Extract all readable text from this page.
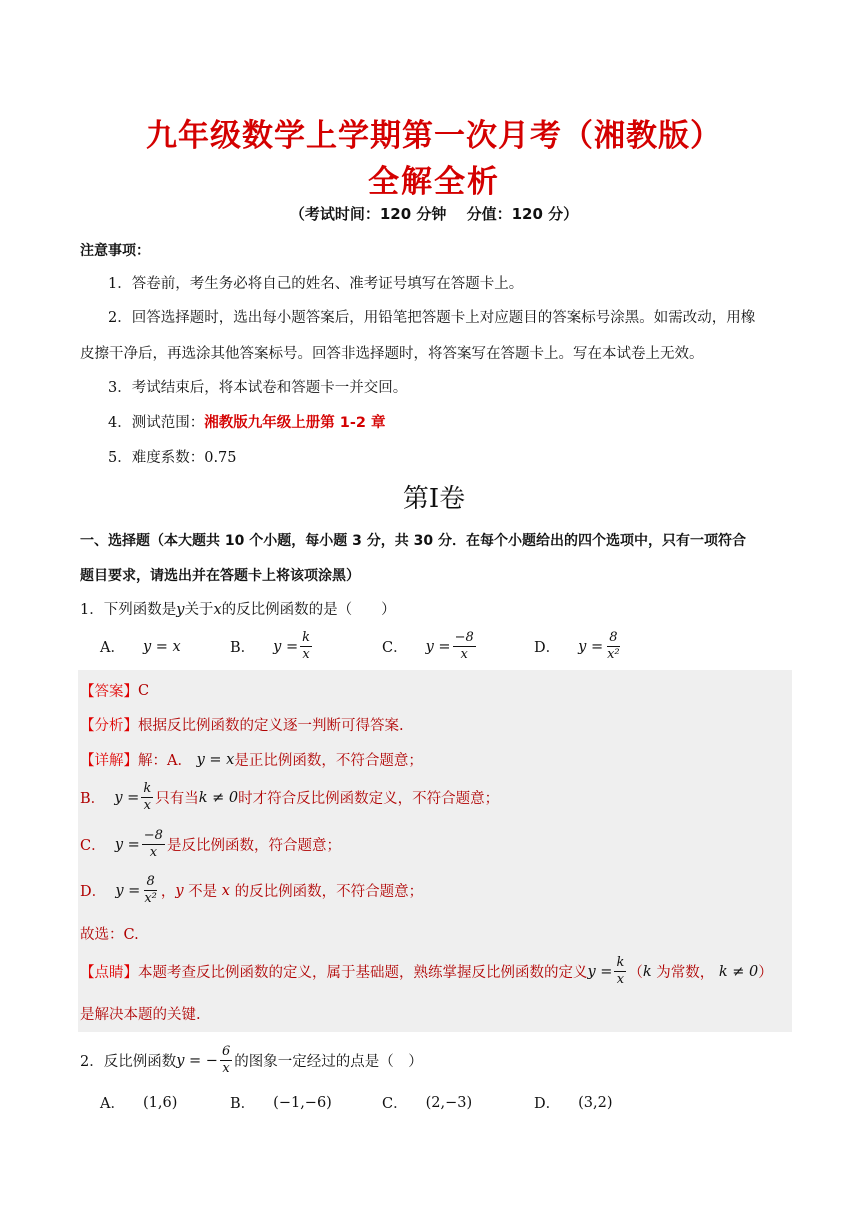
九年级数学上学期第一次月考（湘教版）
全解全析
（考试时间：120 分钟　 分值：120 分）
注意事项：
1．答卷前，考生务必将自己的姓名、准考证号填写在答题卡上。
2．回答选择题时，选出每小题答案后，用铅笔把答题卡上对应题目的答案标号涂黑。如需改动，用橡
皮擦干净后，再选涂其他答案标号。回答非选择题时，将答案写在答题卡上。写在本试卷上无效。
3．考试结束后，将本试卷和答题卡一并交回。
4．测试范围：湘教版九年级上册第 1-2 章
5．难度系数：0.75
第Ⅰ卷
一、选择题（本大题共 10 个小题，每小题 3 分，共 30 分．在每个小题给出的四个选项中，只有一项符合
题目要求，请选出并在答题卡上将该项涂黑）
1．下列函数是y关于x的反比例函数的是（　　）
A． y = x	B． $y = \frac{k}{x}$	C． $y = \frac{-8}{x}$	D． $y = \frac{8}{\text{x²}}$
【答案】 C
【分析】 根据反比例函数的定义逐一判断可得答案.
【详解】 解：A．
y = x 是正比例函数，不符合题意；
B．
$y = \frac{k}{x}$ 只有当 k ≠ 0 时才符合反比例函数定义，不符合题意；
C．
$y = \frac{-8}{x}$ 是反比例函数，符合题意；
D．
$y = \frac{8}{\text{x²}}$ ， y
不是
x
的反比例函数，不符合题意；
故选：C.
【点睛】 本题考查反比例函数的定义，属于基础题，熟练掌握反比例函数的定义 $y = \frac{k}{x}$ （ k
为常数，
k ≠ 0 ）
是解决本题的关键.
2．反比例函数 y = − $\frac{6}{x}$ 的图象一定经过的点是（　）
A． (1,6)	B． (−1,−6)	C． (2,−3)	D． (3,2)
